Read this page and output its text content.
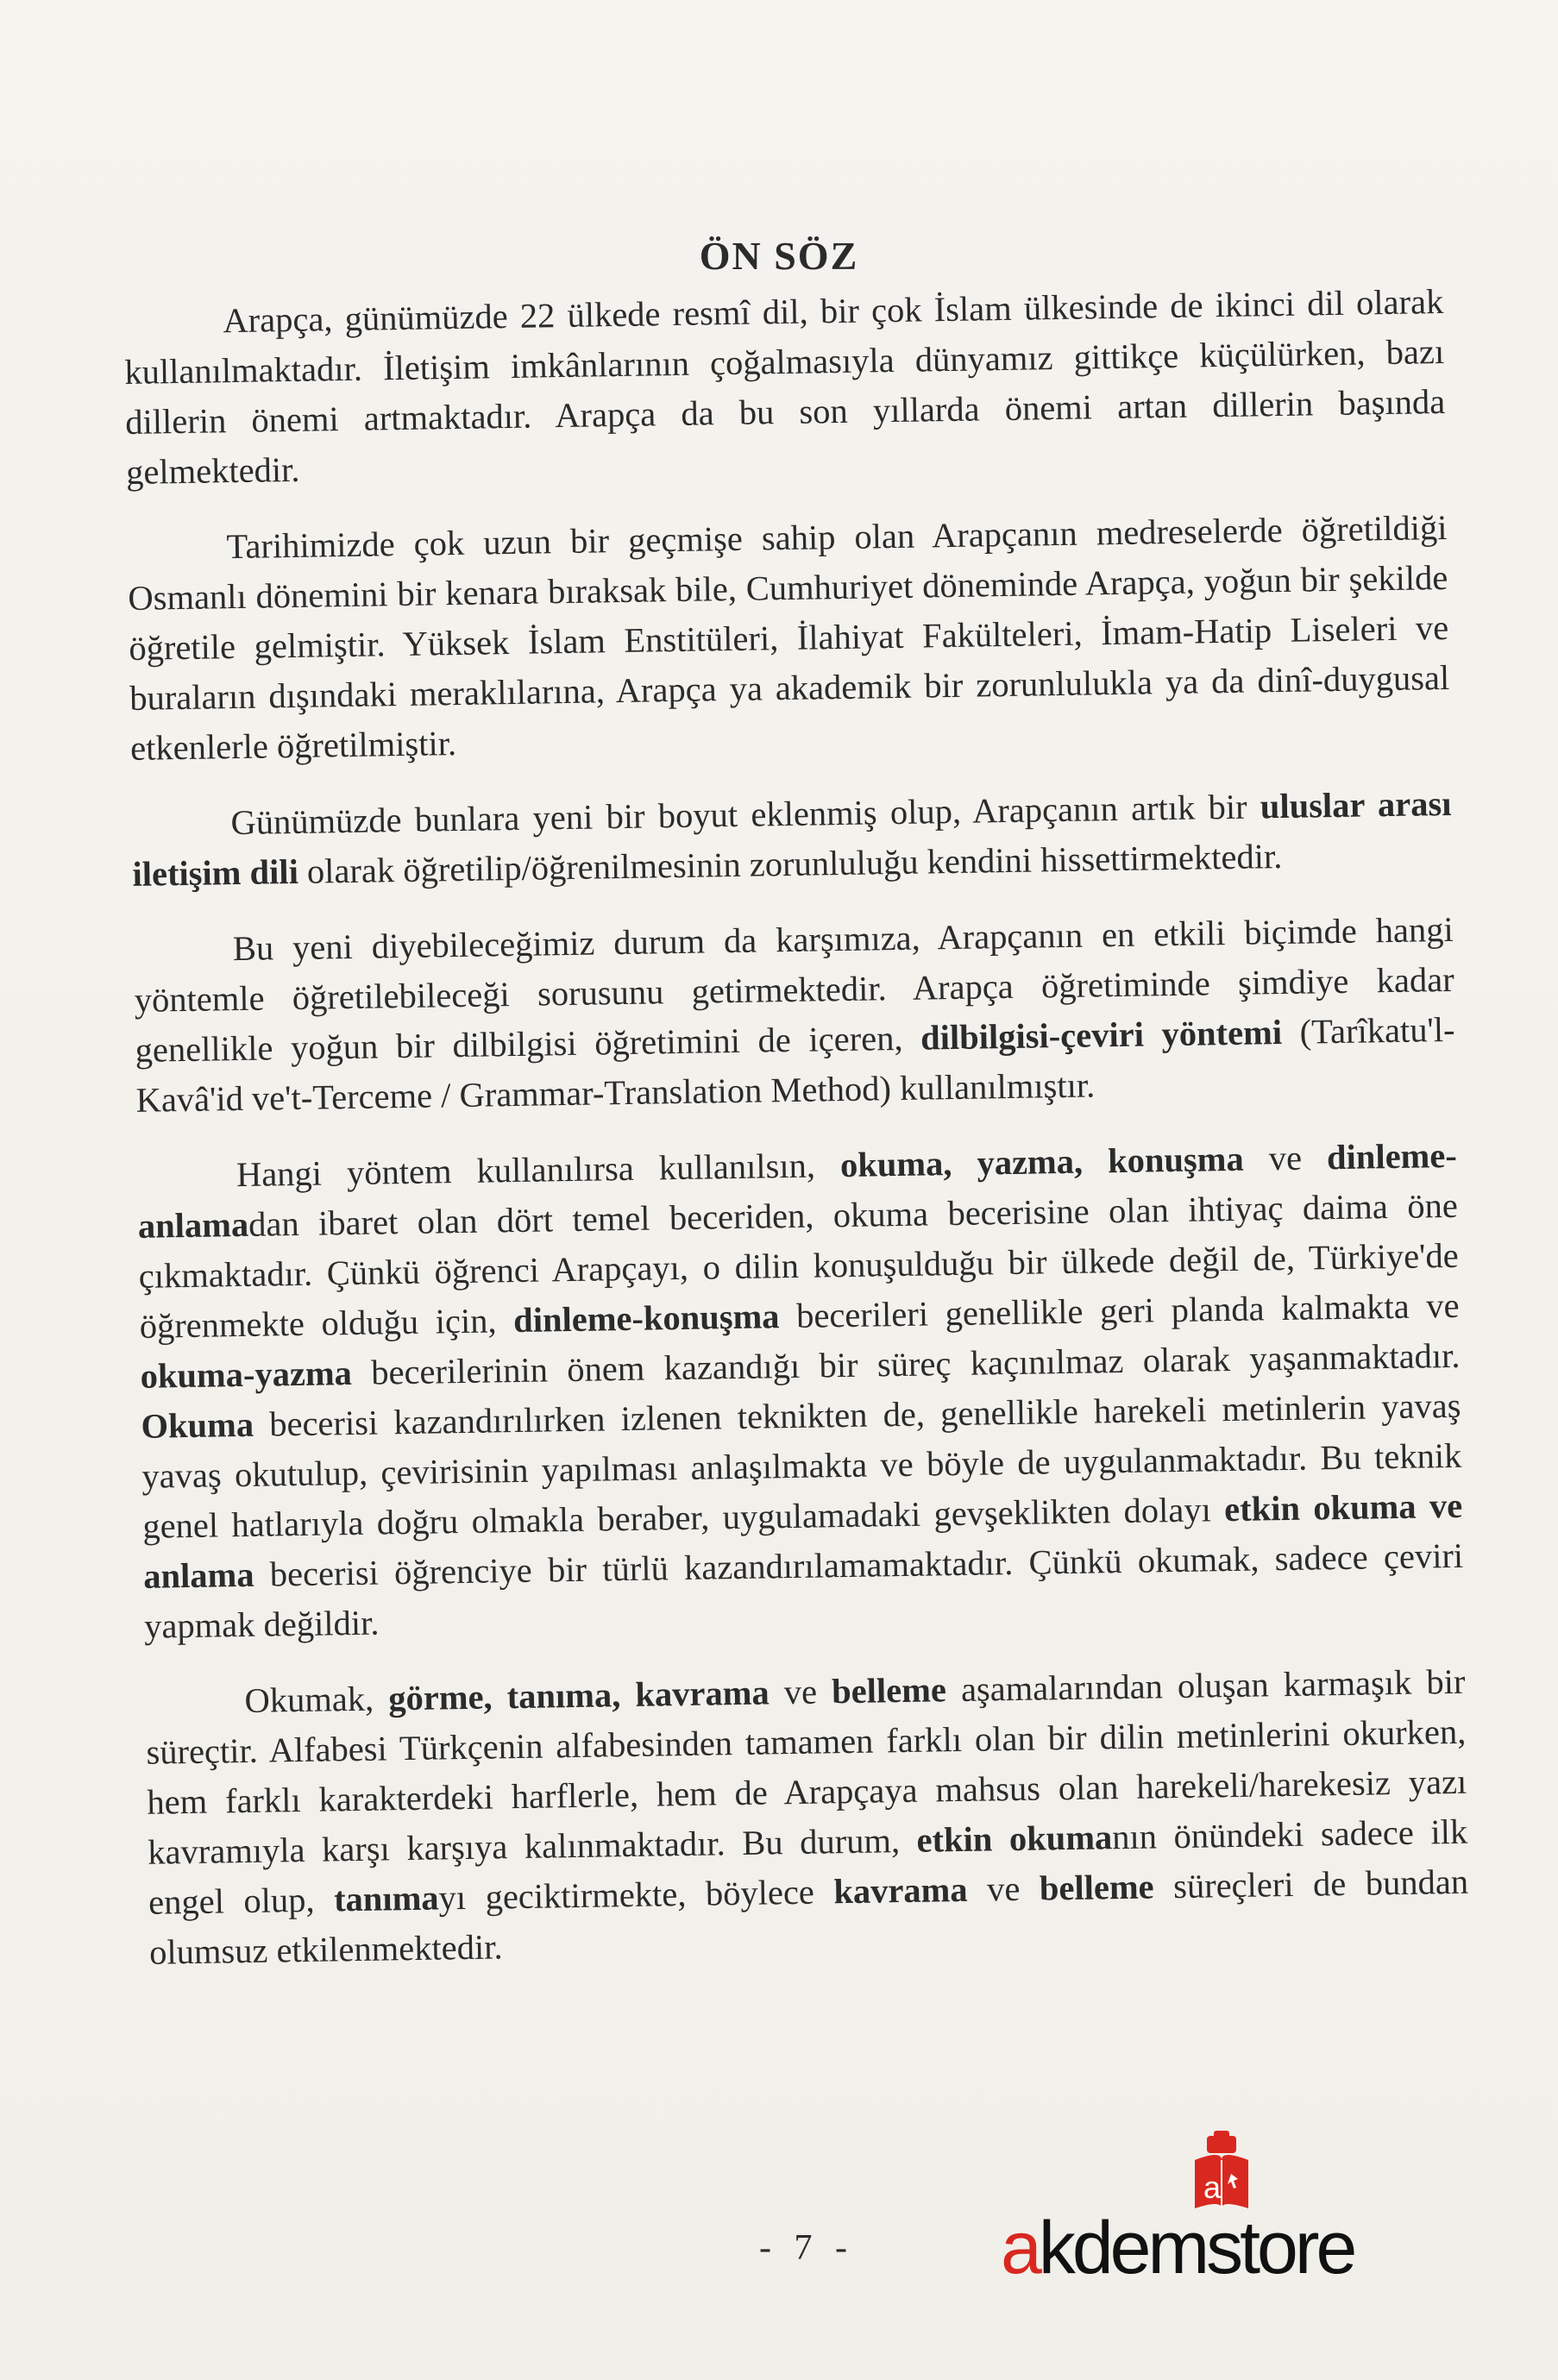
ÖN SÖZ

Arapça, günümüzde 22 ülkede resmî dil, bir çok İslam ülkesinde de ikinci dil olarak kullanılmaktadır. İletişim imkânlarının çoğalmasıyla dünyamız gittikçe küçülürken, bazı dillerin önemi artmaktadır. Arapça da bu son yıllarda önemi artan dillerin başında gelmektedir.

Tarihimizde çok uzun bir geçmişe sahip olan Arapçanın medreselerde öğretildiği Osmanlı dönemini bir kenara bıraksak bile, Cumhuriyet döneminde Arapça, yoğun bir şekilde öğretile gelmiştir. Yüksek İslam Enstitüleri, İlahiyat Fakülteleri, İmam-Hatip Liseleri ve buraların dışındaki meraklılarına, Arapça ya akademik bir zorunlulukla ya da dinî-duygusal etkenlerle öğretilmiştir.

Günümüzde bunlara yeni bir boyut eklenmiş olup, Arapçanın artık bir uluslar arası iletişim dili olarak öğretilip/öğrenilmesinin zorunluluğu kendini hissettirmektedir.

Bu yeni diyebileceğimiz durum da karşımıza, Arapçanın en etkili biçimde hangi yöntemle öğretilebileceği sorusunu getirmektedir. Arapça öğretiminde şimdiye kadar genellikle yoğun bir dilbilgisi öğretimini de içeren, dilbilgisi-çeviri yöntemi (Tarîkatu'l-Kavâ'id ve't-Terceme / Grammar-Translation Method) kullanılmıştır.

Hangi yöntem kullanılırsa kullanılsın, okuma, yazma, konuşma ve dinleme-anlamadan ibaret olan dört temel beceriden, okuma becerisine olan ihtiyaç daima öne çıkmaktadır. Çünkü öğrenci Arapçayı, o dilin konuşulduğu bir ülkede değil de, Türkiye'de öğrenmekte olduğu için, dinleme-konuşma becerileri genellikle geri planda kalmakta ve okuma-yazma becerilerinin önem kazandığı bir süreç kaçınılmaz olarak yaşanmaktadır. Okuma becerisi kazandırılırken izlenen teknikten de, genellikle harekeli metinlerin yavaş yavaş okutulup, çevirisinin yapılması anlaşılmakta ve böyle de uygulanmaktadır. Bu teknik genel hatlarıyla doğru olmakla beraber, uygulamadaki gevşeklikten dolayı etkin okuma ve anlama becerisi öğrenciye bir türlü kazandırılamamaktadır. Çünkü okumak, sadece çeviri yapmak değildir.

Okumak, görme, tanıma, kavrama ve belleme aşamalarından oluşan karmaşık bir süreçtir. Alfabesi Türkçenin alfabesinden tamamen farklı olan bir dilin metinlerini okurken, hem farklı karakterdeki harflerle, hem de Arapçaya mahsus olan harekeli/harekesiz yazı kavramıyla karşı karşıya kalınmaktadır. Bu durum, etkin okumanın önündeki sadece ilk engel olup, tanımayı geciktirmekte, böylece kavrama ve belleme süreçleri de bundan olumsuz etkilenmektedir.

- 7 -
a
akdemstore
